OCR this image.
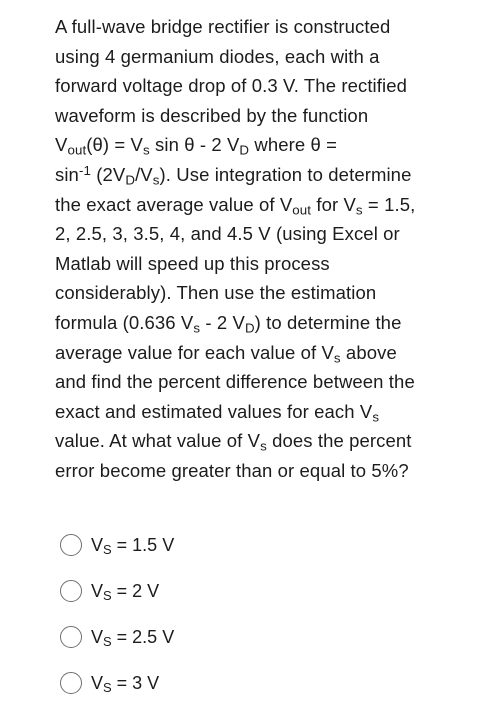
A full-wave bridge rectifier is constructed
using 4 germanium diodes, each with a
forward voltage drop of 0.3 V. The rectified
waveform is described by the function
$V_{out}(\theta) = V_s$ sin θ - 2 $V_D$ where θ =
$\sin^{-1} (2V_D/V_s)$. Use integration to determine
the exact average value of $V_{out}$ for $V_s = 1.5$,
2, 2.5, 3, 3.5, 4, and 4.5 V (using Excel or
Matlab will speed up this process
considerably). Then use the estimation
formula (0.636 $V_s - 2$ $V_D$) to determine the
average value for each value of $V_s$ above
and find the percent difference between the
exact and estimated values for each $V_s$
value. At what value of $V_s$ does the percent
error become greater than or equal to 5%?
$V_S = 1.5$ V
$V_S = 2$ V
$V_S = 2.5$ V
$V_S = 3$ V
